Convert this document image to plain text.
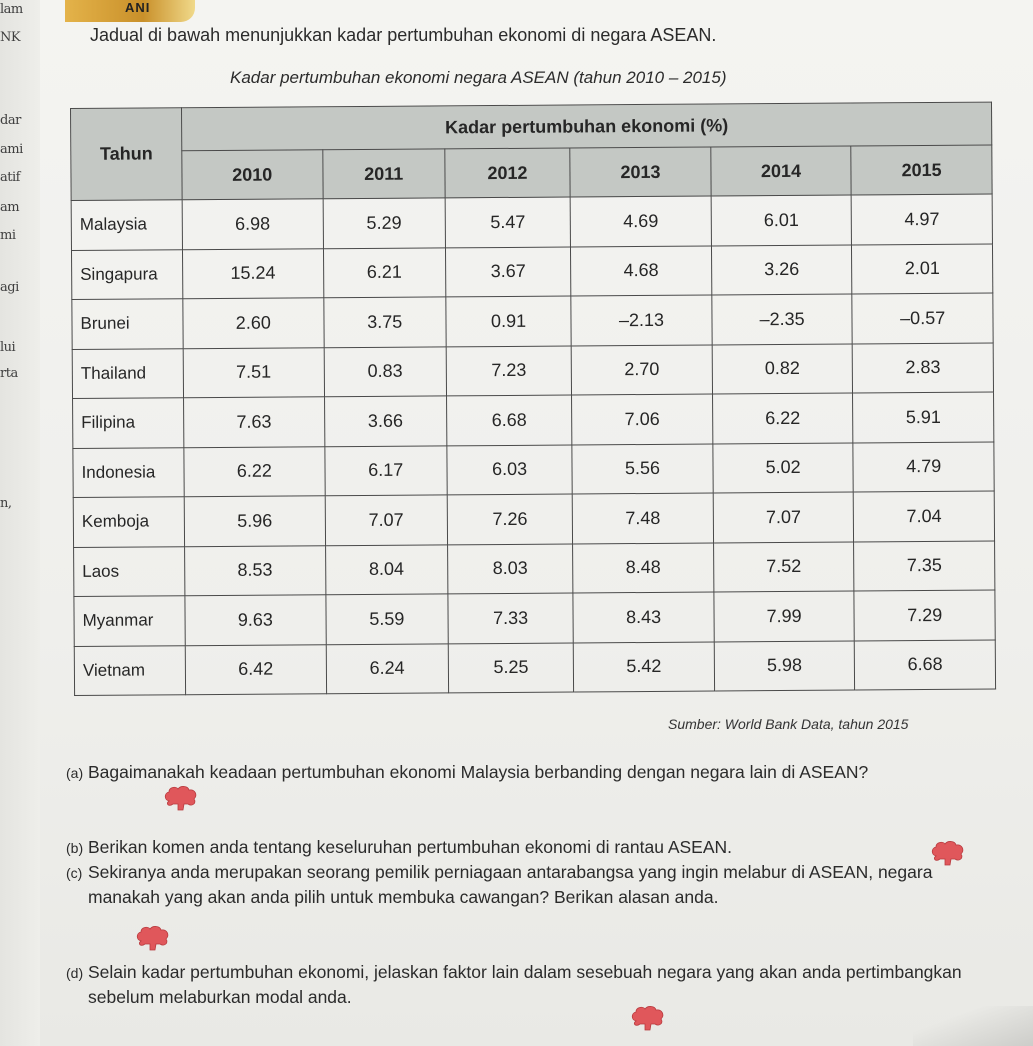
lam
NK
dar
ami
atif
am
mi
agi
lui
rta
n,
ANI
Jadual di bawah menunjukkan kadar pertumbuhan ekonomi di negara ASEAN.
Kadar pertumbuhan ekonomi negara ASEAN (tahun 2010 – 2015)
Tahun	Kadar pertumbuhan ekonomi (%)					
	2010	2011	2012	2013	2014	2015
Malaysia	6.98	5.29	5.47	4.69	6.01	4.97
Singapura	15.24	6.21	3.67	4.68	3.26	2.01
Brunei	2.60	3.75	0.91	–2.13	–2.35	–0.57
Thailand	7.51	0.83	7.23	2.70	0.82	2.83
Filipina	7.63	3.66	6.68	7.06	6.22	5.91
Indonesia	6.22	6.17	6.03	5.56	5.02	4.79
Kemboja	5.96	7.07	7.26	7.48	7.07	7.04
Laos	8.53	8.04	8.03	8.48	7.52	7.35
Myanmar	9.63	5.59	7.33	8.43	7.99	7.29
Vietnam	6.42	6.24	5.25	5.42	5.98	6.68
Sumber: World Bank Data, tahun 2015
(a) Bagaimanakah keadaan pertumbuhan ekonomi Malaysia berbanding dengan negara lain di ASEAN?
(b) Berikan komen anda tentang keseluruhan pertumbuhan ekonomi di rantau ASEAN.
(c) Sekiranya anda merupakan seorang pemilik perniagaan antarabangsa yang ingin melabur di ASEAN, negara manakah yang akan anda pilih untuk membuka cawangan? Berikan alasan anda.
(d) Selain kadar pertumbuhan ekonomi, jelaskan faktor lain dalam sesebuah negara yang akan anda pertimbangkan sebelum melaburkan modal anda.
